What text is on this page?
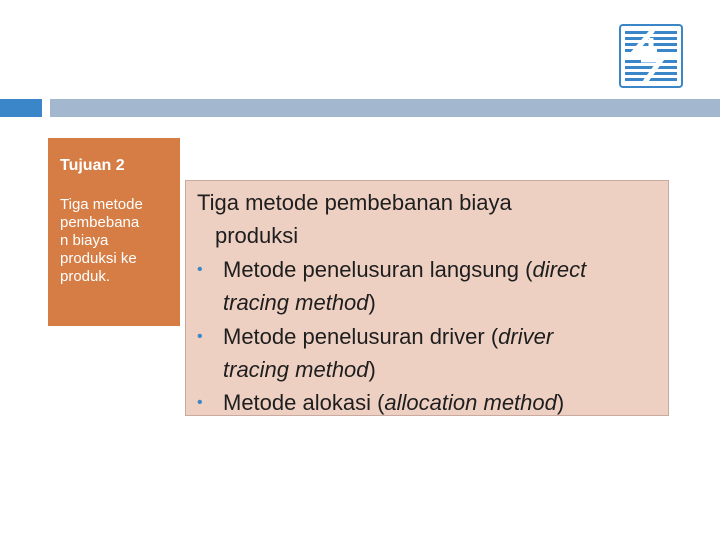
Tujuan 2
Tiga metode
pembebana
n biaya
produksi ke
produk.
Tiga metode pembebanan biaya
produksi
• Metode penelusuran langsung (direct
tracing method)
• Metode penelusuran driver (driver
tracing method)
• Metode alokasi (allocation method)
